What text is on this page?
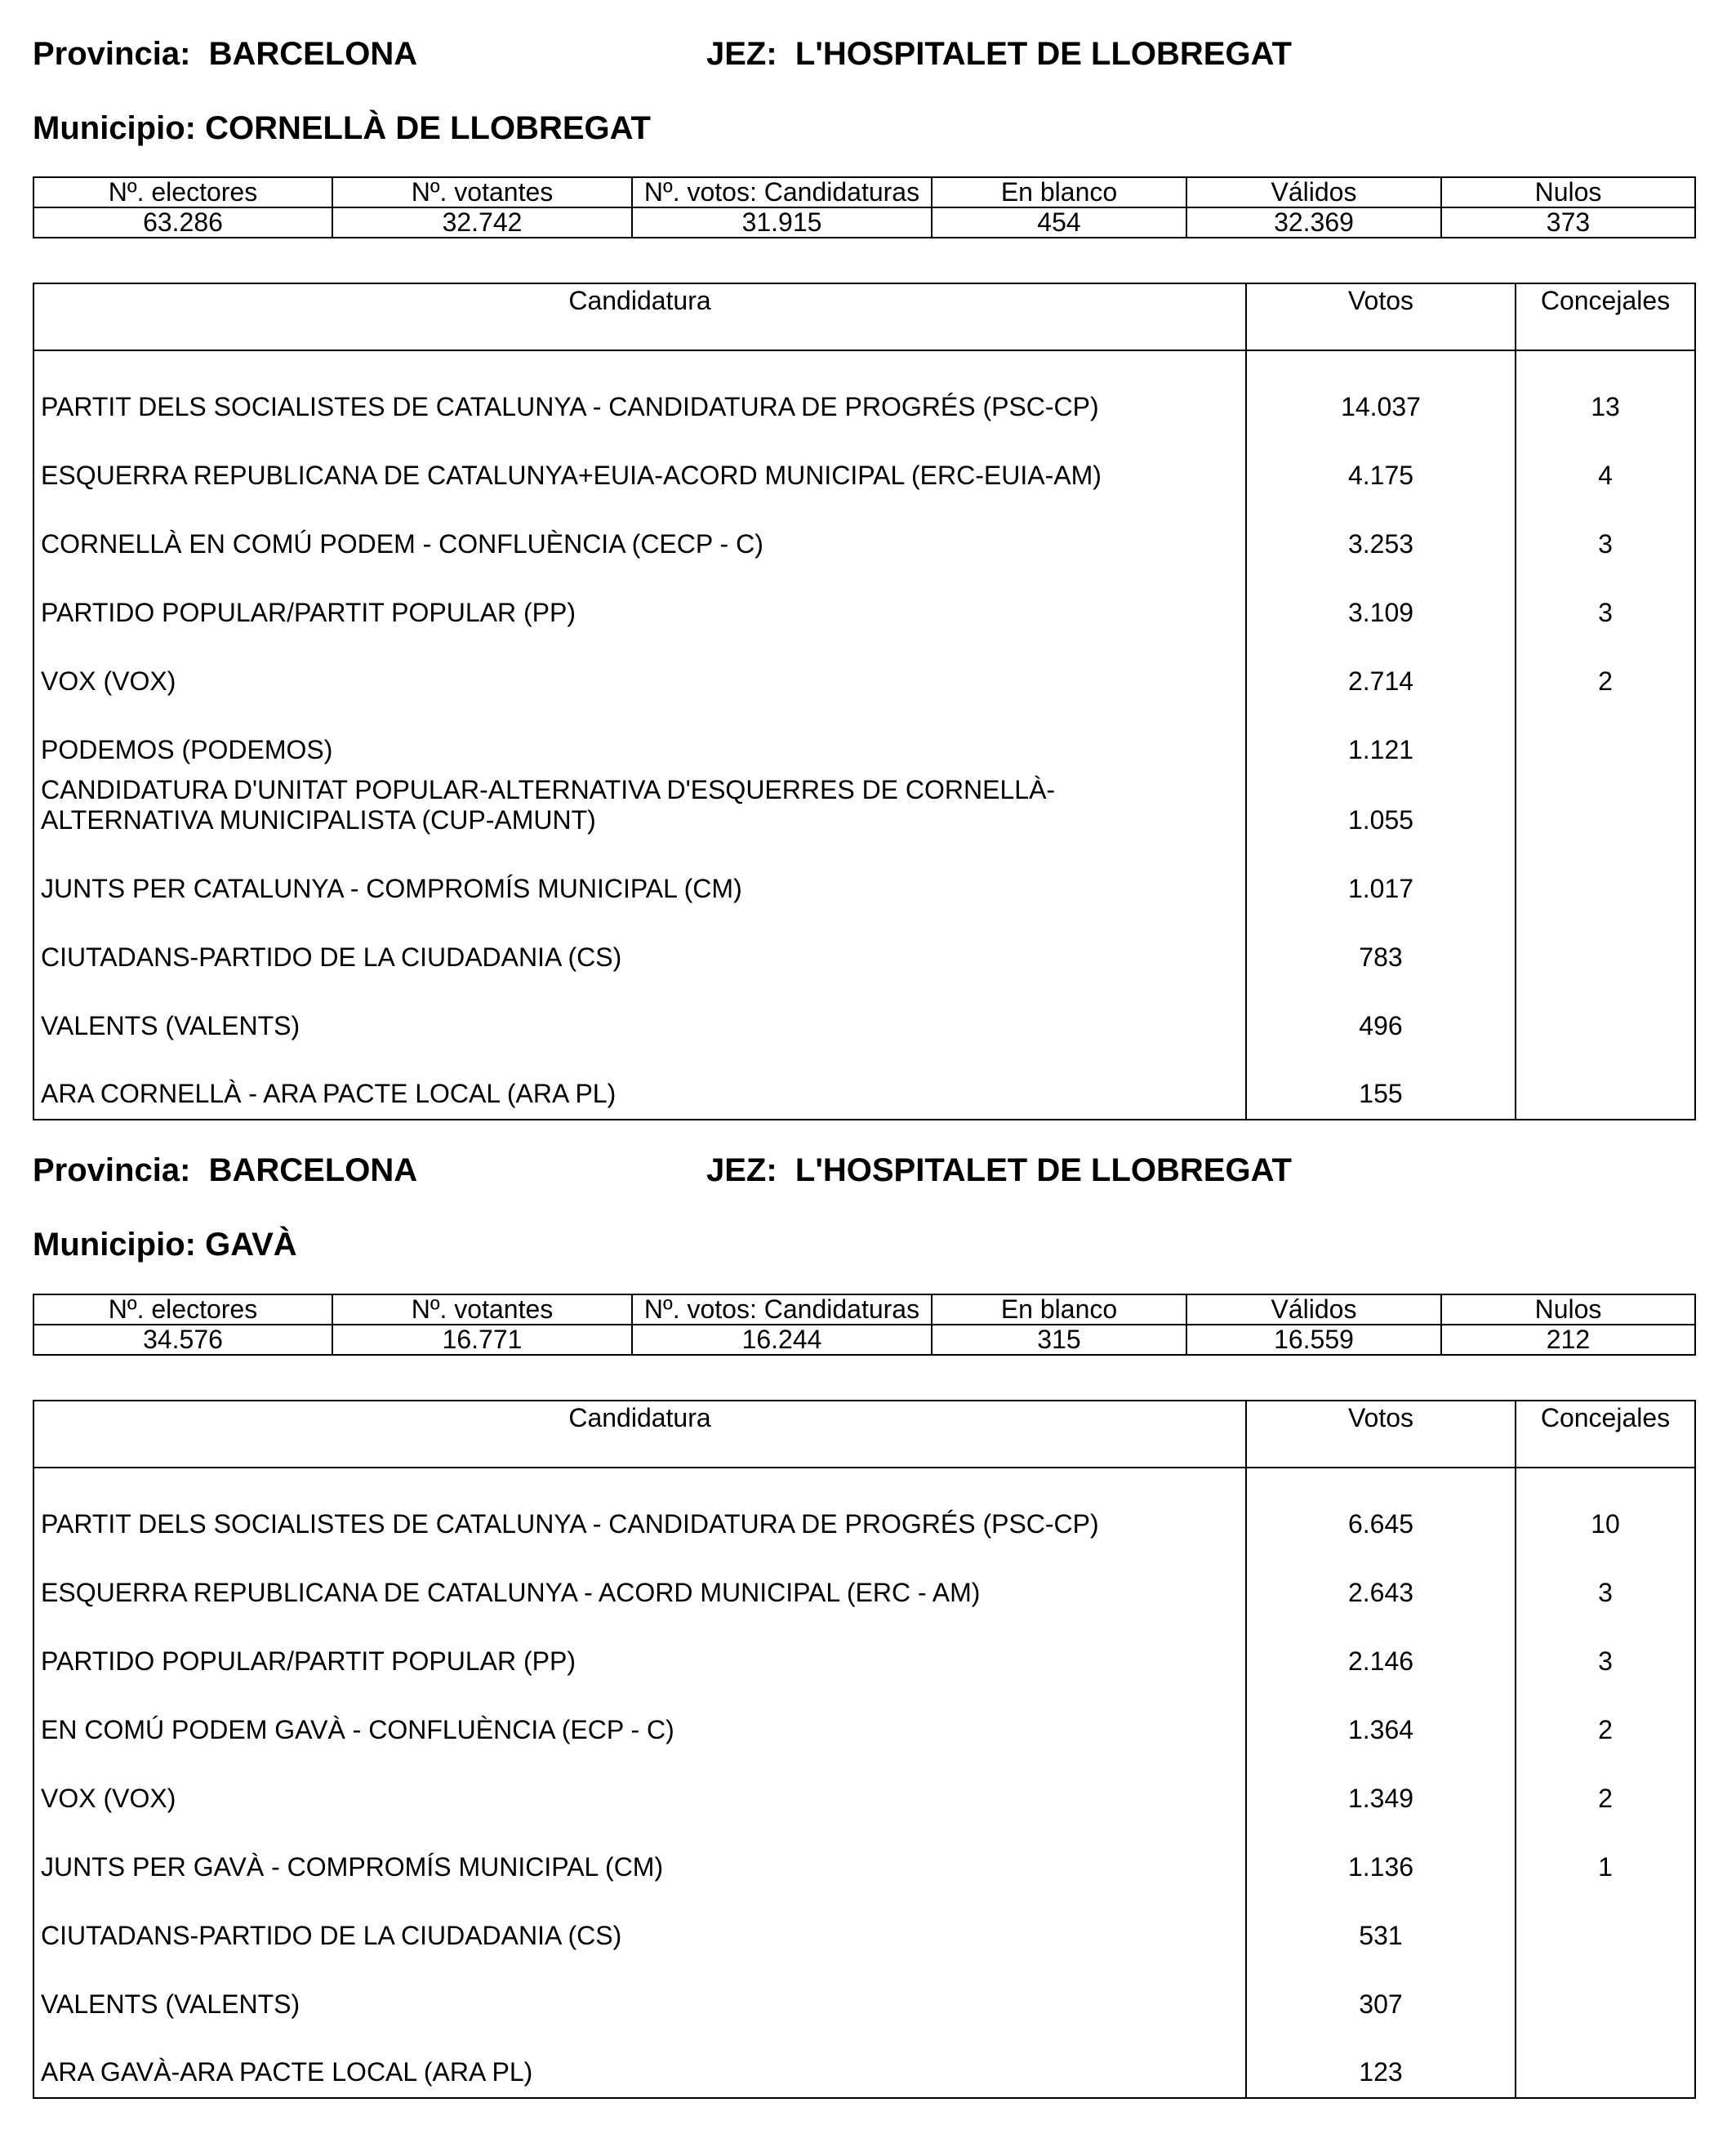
Provincia:  BARCELONA	JEZ:  L'HOSPITALET DE LLOBREGAT
Municipio: CORNELLÀ DE LLOBREGAT
Nº. electores	Nº. votantes	Nº. votos: Candidaturas	En blanco	Válidos	Nulos
63.286	32.742	31.915	454	32.369	373
Candidatura	Votos	Concejales
PARTIT DELS SOCIALISTES DE CATALUNYA - CANDIDATURA DE PROGRÉS (PSC-CP)	14.037	13
ESQUERRA REPUBLICANA DE CATALUNYA+EUIA-ACORD MUNICIPAL (ERC-EUIA-AM)	4.175	4
CORNELLÀ EN COMÚ PODEM - CONFLUÈNCIA (CECP - C)	3.253	3
PARTIDO POPULAR/PARTIT POPULAR (PP)	3.109	3
VOX (VOX)	2.714	2
PODEMOS (PODEMOS)	1.121	
CANDIDATURA D'UNITAT POPULAR-ALTERNATIVA D'ESQUERRES DE CORNELLÀ-
ALTERNATIVA MUNICIPALISTA (CUP-AMUNT)	1.055	
JUNTS PER CATALUNYA - COMPROMÍS MUNICIPAL (CM)	1.017	
CIUTADANS-PARTIDO DE LA CIUDADANIA (CS)	783	
VALENTS (VALENTS)	496	
ARA CORNELLÀ - ARA PACTE LOCAL (ARA PL)	155	
Provincia:  BARCELONA	JEZ:  L'HOSPITALET DE LLOBREGAT
Municipio: GAVÀ
Nº. electores	Nº. votantes	Nº. votos: Candidaturas	En blanco	Válidos	Nulos
34.576	16.771	16.244	315	16.559	212
Candidatura	Votos	Concejales
PARTIT DELS SOCIALISTES DE CATALUNYA - CANDIDATURA DE PROGRÉS (PSC-CP)	6.645	10
ESQUERRA REPUBLICANA DE CATALUNYA - ACORD MUNICIPAL (ERC - AM)	2.643	3
PARTIDO POPULAR/PARTIT POPULAR (PP)	2.146	3
EN COMÚ PODEM GAVÀ - CONFLUÈNCIA (ECP - C)	1.364	2
VOX (VOX)	1.349	2
JUNTS PER GAVÀ - COMPROMÍS MUNICIPAL (CM)	1.136	1
CIUTADANS-PARTIDO DE LA CIUDADANIA (CS)	531	
VALENTS (VALENTS)	307	
ARA GAVÀ-ARA PACTE LOCAL (ARA PL)	123	
